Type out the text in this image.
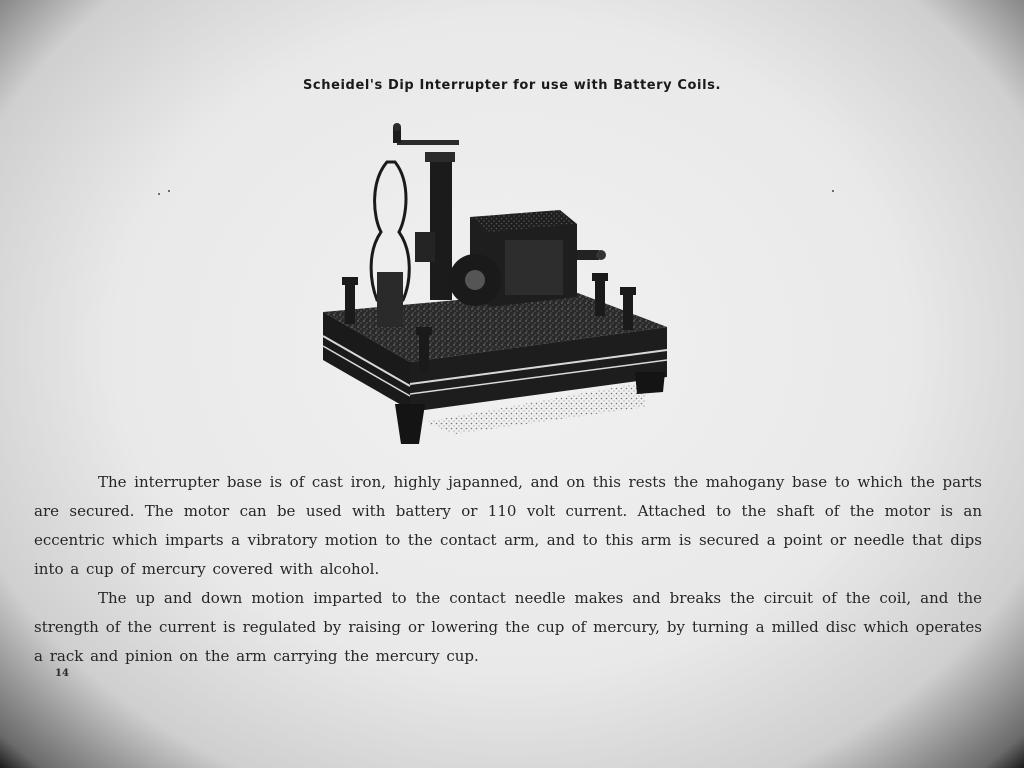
Scheidel's Dip Interrupter for use with Battery Coils.

The interrupter base is of cast iron, highly japanned, and on this rests the mahogany base to which the parts are secured. The motor can be used with battery or 110 volt current. Attached to the shaft of the motor is an eccentric which imparts a vibratory motion to the contact arm, and to this arm is secured a point or needle that dips into a cup of mercury covered with alcohol.

The up and down motion imparted to the contact needle makes and breaks the circuit of the coil, and the strength of the current is regulated by raising or lowering the cup of mercury, by turning a milled disc which operates a rack and pinion on the arm carrying the mercury cup.

14
